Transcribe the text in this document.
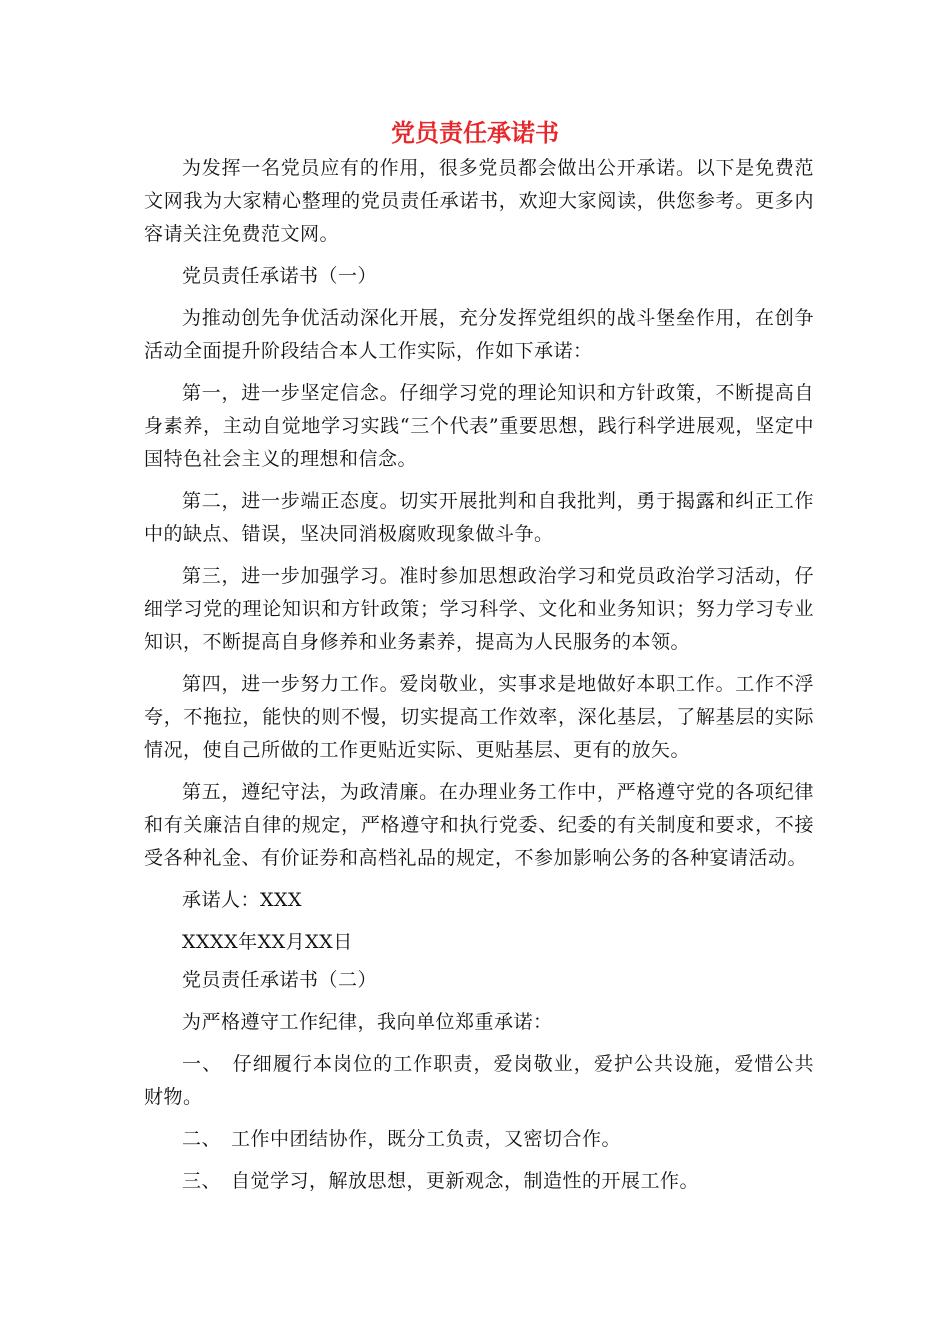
党员责任承诺书

为发挥一名党员应有的作用，很多党员都会做出公开承诺。以下是免费范文网我为大家精心整理的党员责任承诺书，欢迎大家阅读，供您参考。更多内容请关注免费范文网。

党员责任承诺书（一）

为推动创先争优活动深化开展，充分发挥党组织的战斗堡垒作用，在创争活动全面提升阶段结合本人工作实际，作如下承诺：

第一，进一步坚定信念。仔细学习党的理论知识和方针政策，不断提高自身素养，主动自觉地学习实践“三个代表”重要思想，践行科学进展观，坚定中国特色社会主义的理想和信念。

第二，进一步端正态度。切实开展批判和自我批判，勇于揭露和纠正工作中的缺点、错误，坚决同消极腐败现象做斗争。

第三，进一步加强学习。准时参加思想政治学习和党员政治学习活动，仔细学习党的理论知识和方针政策；学习科学、文化和业务知识；努力学习专业知识，不断提高自身修养和业务素养，提高为人民服务的本领。

第四，进一步努力工作。爱岗敬业，实事求是地做好本职工作。工作不浮夸，不拖拉，能快的则不慢，切实提高工作效率，深化基层，了解基层的实际情况，使自己所做的工作更贴近实际、更贴基层、更有的放矢。

第五，遵纪守法，为政清廉。在办理业务工作中，严格遵守党的各项纪律和有关廉洁自律的规定，严格遵守和执行党委、纪委的有关制度和要求，不接受各种礼金、有价证券和高档礼品的规定，不参加影响公务的各种宴请活动。

承诺人：XXX

XXXX年XX月XX日

党员责任承诺书（二）

为严格遵守工作纪律，我向单位郑重承诺：

一、　仔细履行本岗位的工作职责，爱岗敬业，爱护公共设施，爱惜公共财物。

二、　工作中团结协作，既分工负责，又密切合作。

三、　自觉学习，解放思想，更新观念，制造性的开展工作。
